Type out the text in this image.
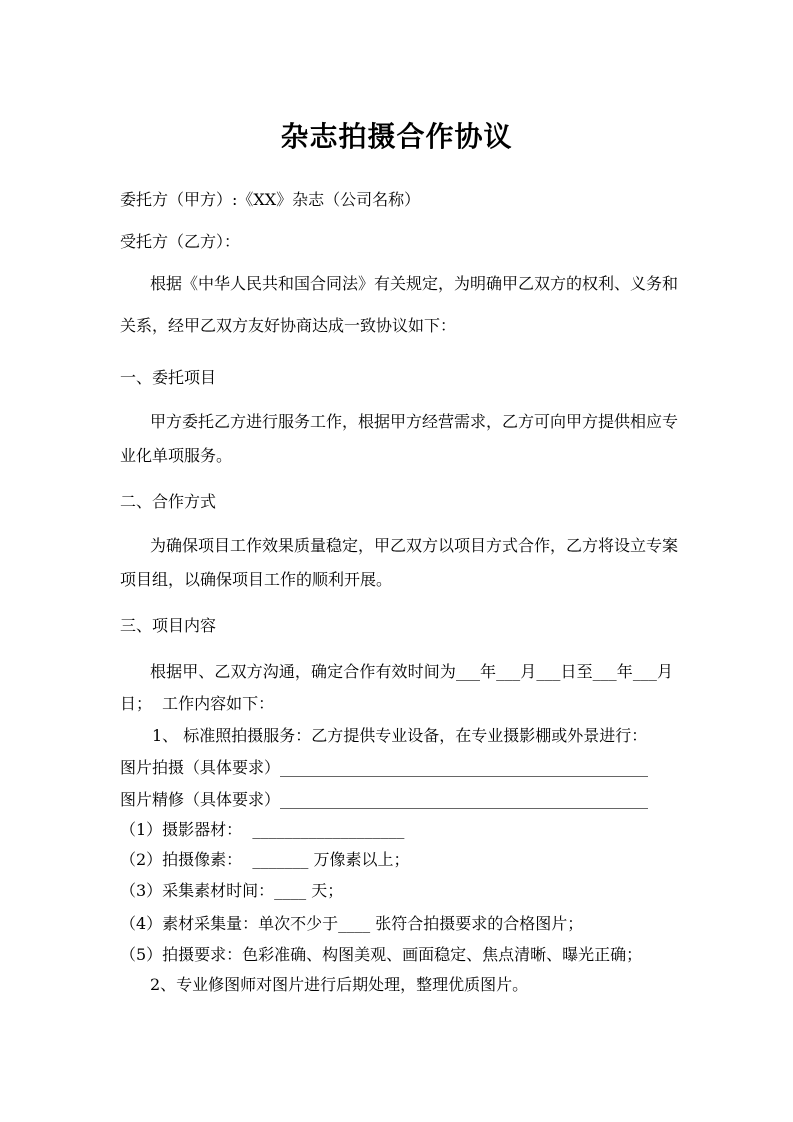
杂志拍摄合作协议
委托方（甲方）:《XX》杂志（公司名称）
受托方（乙方）：
根据《中华人民共和国合同法》有关规定，为明确甲乙双方的权利、义务和
关系，经甲乙双方友好协商达成一致协议如下：
一、委托项目
甲方委托乙方进行服务工作，根据甲方经营需求，乙方可向甲方提供相应专
业化单项服务。
二、合作方式
为确保项目工作效果质量稳定，甲乙双方以项目方式合作，乙方将设立专案
项目组，以确保项目工作的顺利开展。
三、项目内容
根据甲、乙双方沟通，确定合作有效时间为___年___月___日至___年___月
日；  工作内容如下：
1、 标准照拍摄服务：乙方提供专业设备，在专业摄影棚或外景进行：
图片拍摄（具体要求）______________________________________________
图片精修（具体要求）______________________________________________
（1）摄影器材：  ___________________
（2）拍摄像素：  _______ 万像素以上；
（3）采集素材时间：____ 天；
（4）素材采集量：单次不少于____ 张符合拍摄要求的合格图片；
（5）拍摄要求：色彩准确、构图美观、画面稳定、焦点清晰、曝光正确；
2、专业修图师对图片进行后期处理，整理优质图片。
